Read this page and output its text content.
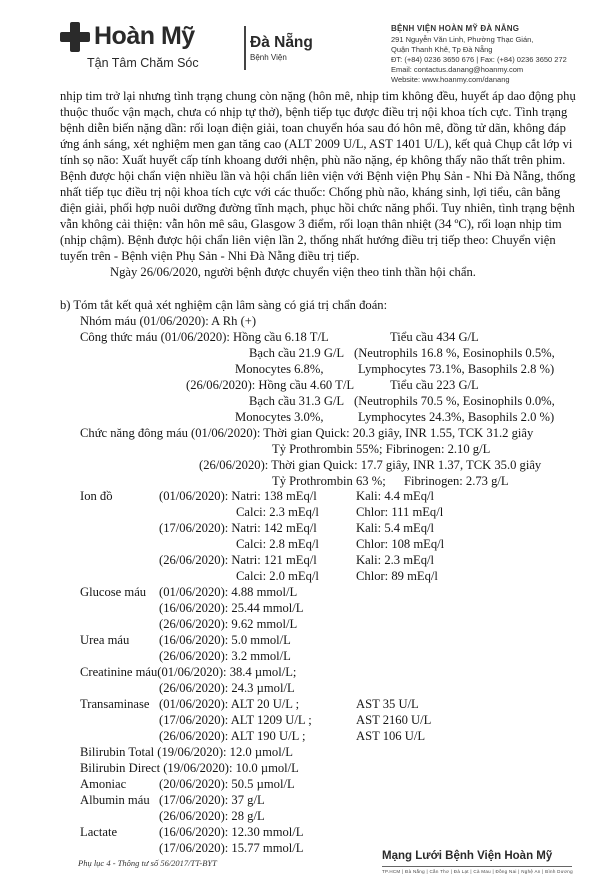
Hoàn Mỹ
Tận Tâm Chăm Sóc
Đà Nẵng
Bệnh Viện
BỆNH VIỆN HOÀN MỸ ĐÀ NẴNG
291 Nguyễn Văn Linh, Phường Thạc Gián,
Quận Thanh Khê, Tp Đà Nẵng
ĐT: (+84) 0236 3650 676 | Fax: (+84) 0236 3650 272
Email: contactus.danang@hoanmy.com
Website: www.hoanmy.com/danang
nhịp tim trở lại nhưng tình trạng chung còn nặng (hôn mê, nhịp tim không đều, huyết áp dao động phụ
thuộc thuốc vận mạch, chưa có nhịp tự thở), bệnh tiếp tục được điều trị nội khoa tích cực. Tình trạng
bệnh diễn biến nặng dần: rối loạn điện giải, toan chuyển hóa sau đó hôn mê, đồng tử dãn, không đáp
ứng ánh sáng, xét nghiệm men gan tăng cao (ALT 2009 U/L, AST 1401 U/L), kết quả Chụp cắt lớp vi
tính sọ não: Xuất huyết cấp tính khoang dưới nhện, phù não nặng, ép không thấy não thất trên phim.
Bệnh được hội chẩn viện nhiều lần và hội chẩn liên viện với Bệnh viện Phụ Sản - Nhi Đà Nẵng, thống
nhất tiếp tục điều trị nội khoa tích cực với các thuốc: Chống phù não, kháng sinh, lợi tiểu, cân bằng
điện giải, phối hợp nuôi dưỡng đường tĩnh mạch, phục hồi chức năng phổi. Tuy nhiên, tình trạng bệnh
vẫn không cải thiện: vẫn hôn mê sâu, Glasgow 3 điểm, rối loạn thân nhiệt (34 ºC), rối loạn nhịp tim
(nhịp chậm). Bệnh được hội chẩn liên viện lần 2, thống nhất hướng điều trị tiếp theo: Chuyển viện
tuyến trên - Bệnh viện Phụ Sản - Nhi Đà Nẵng điều trị tiếp.
Ngày 26/06/2020, người bệnh được chuyển viện theo tinh thần hội chẩn.
b) Tóm tắt kết quả xét nghiệm cận lâm sàng có giá trị chẩn đoán:
Nhóm máu (01/06/2020): A Rh (+)
Công thức máu (01/06/2020): Hồng cầu 6.18 T/L	Tiểu cầu 434 G/L
Bạch cầu 21.9 G/L (Neutrophils 16.8 %, Eosinophils 0.5%,
Monocytes 6.8%,	Lymphocytes 73.1%, Basophils 2.8 %)
(26/06/2020): Hồng cầu 4.60 T/L	Tiểu cầu 223 G/L
Bạch cầu 31.3 G/L (Neutrophils 70.5 %, Eosinophils 0.0%,
Monocytes 3.0%,	Lymphocytes 24.3%, Basophils 2.0 %)
Chức năng đông máu (01/06/2020): Thời gian Quick: 20.3 giây, INR 1.55, TCK 31.2 giây
Tỷ Prothrombin 55%; Fibrinogen: 2.10 g/L
(26/06/2020): Thời gian Quick: 17.7 giây, INR 1.37, TCK 35.0 giây
Tỷ Prothrombin 63 %; Fibrinogen: 2.73 g/L
Ion đồ	(01/06/2020): Natri: 138 mEq/l	Kali: 4.4 mEq/l
Calci: 2.3 mEq/l	Chlor: 111 mEq/l
(17/06/2020): Natri: 142 mEq/l	Kali: 5.4 mEq/l
Calci: 2.8 mEq/l	Chlor: 108 mEq/l
(26/06/2020): Natri: 121 mEq/l	Kali: 2.3 mEq/l
Calci: 2.0 mEq/l	Chlor: 89 mEq/l
Glucose máu (01/06/2020): 4.88 mmol/L
(16/06/2020): 25.44 mmol/L
(26/06/2020): 9.62 mmol/L
Urea máu (16/06/2020): 5.0 mmol/L
(26/06/2020): 3.2 mmol/L
Creatinine máu(01/06/2020): 38.4 µmol/L;
(26/06/2020): 24.3 µmol/L
Transaminase (01/06/2020): ALT 20 U/L ;	AST 35 U/L
(17/06/2020): ALT 1209 U/L ;	AST 2160 U/L
(26/06/2020): ALT 190 U/L ;	AST 106 U/L
Bilirubin Total (19/06/2020): 12.0 µmol/L
Bilirubin Direct (19/06/2020): 10.0 µmol/L
Amoniac	(20/06/2020): 50.5 µmol/L
Albumin máu (17/06/2020): 37 g/L
(26/06/2020): 28 g/L
Lactate	(16/06/2020): 12.30 mmol/L
(17/06/2020): 15.77 mmol/L
Phụ lục 4 - Thông tư số 56/2017/TT-BYT
Mạng Lưới Bệnh Viện Hoàn Mỹ
TP.HCM | Đà Nẵng | Cần Thơ | Đà Lạt | Cà Mau | Đồng Nai | Nghệ An | Bình Dương
